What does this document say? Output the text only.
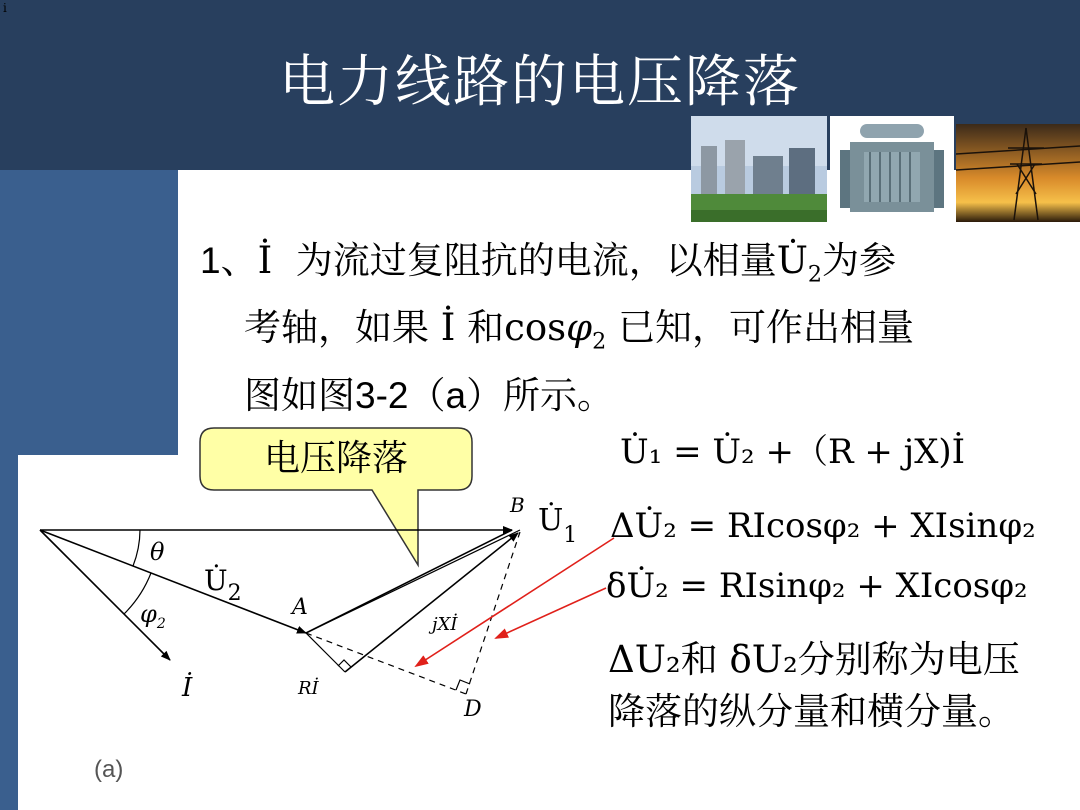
i
电力线路的电压降落
1、İ 为流过复阻抗的电流，以相量$U̇_2$为参
考轴，如果 İ 和cosφ$_2$ 已知，可作出相量
图如图3-2（a）所示。
B $U̇_1$
θ
$U̇_2$
A
$\varphi_2$
İ
jXİ
Rİ
D
电压降落
(a)
U̇₁ = U̇₂ +（R + jX)İ
ΔU̇₂ = RIcosφ₂ + XIsinφ₂
δU̇₂ = RIsinφ₂ + XIcosφ₂
ΔU₂和 δU₂分别称为电压
降落的纵分量和横分量。
